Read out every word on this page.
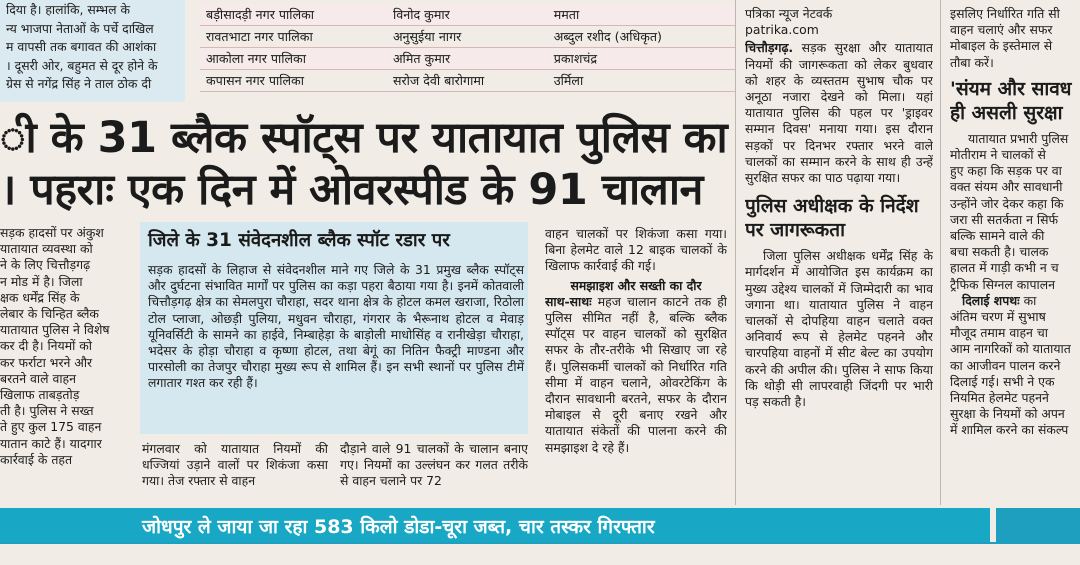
दिया है। हालांकि, सम्भल के

न्य भाजपा नेताओं के पर्चे दाखिल

म वापसी तक बगावत की आशंका

। दूसरी ओर, बहुमत से दूर होने के

ग्रेस से नगेंद्र सिंह ने ताल ठोक दी

बड़ीसादड़ी नगर पालिका	विनोद कुमार	ममता
रावतभाटा नगर पालिका	अनुसुईया नागर	अब्दुल रशीद (अधिकृत)
आकोला नगर पालिका	अमित कुमार	प्रकाशचंद्र
कपासन नगर पालिका	सरोज देवी बारोगामा	उर्मिला
ी के 31 ब्लैक स्पॉट्स पर यातायात पुलिस का
। पहराः एक दिन में ओवरस्पीड के 91 चालान

सड़क हादसों पर अंकुश

यातायात व्यवस्था को

ने के लिए चित्तौड़गढ़

न मोड में है। जिला

क्षक धर्मेंद्र सिंह के

लेबार के चिन्हित ब्लैक

यातायात पुलिस ने विशेष

कर दी है। नियमों को

कर फर्राटा भरने और

बरतने वाले वाहन

खिलाफ ताबड़तोड़

ती है। पुलिस ने सख्त

ते हुए कुल 175 वाहन

यातान काटे हैं। यादगार

कार्रवाई के तहत

जिले के 31 संवेदनशील ब्लैक स्पॉट रडार पर
सड़क हादसों के लिहाज से संवेदनशील माने गए जिले के 31 प्रमुख ब्लैक स्पॉट्स और दुर्घटना संभावित मार्गों पर पुलिस का कड़ा पहरा बैठाया गया है। इनमें कोतवाली चित्तौड़गढ़ क्षेत्र का सेमलपुरा चौराहा, सदर थाना क्षेत्र के होटल कमल खराजा, रिठोला टोल प्लाजा, ओछड़ी पुलिया, मधुवन चौराहा, गंगरार के भैरूनाथ होटल व मेवाड़ यूनिवर्सिटी के सामने का हाईवे, निम्बाहेड़ा के बाड़ोली माधोसिंह व रानीखेड़ा चौराहा, भदेसर के होड़ा चौराहा व कृष्णा होटल, तथा बेगूं का नितिन फैक्ट्री माण्डना और पारसोली का तेजपुर चौराहा मुख्य रूप से शामिल हैं। इन सभी स्थानों पर पुलिस टीमें लगातार गश्त कर रही हैं।
मंगलवार को यातायात नियमों की धज्जियां उड़ाने वालों पर शिकंजा कसा गया। तेज रफ्तार से वाहन
दौड़ाने वाले 91 चालकों के चालान बनाए गए। नियमों का उल्लंघन कर गलत तरीके से वाहन चलाने पर 72

वाहन चालकों पर शिकंजा कसा गया। बिना हेलमेट वाले 12 बाइक चालकों के खिलाफ कार्रवाई की गई।

समझाइश और सख्ती का दौर

साथ-साथः महज चालान काटने तक ही पुलिस सीमित नहीं है, बल्कि ब्लैक स्पॉट्स पर वाहन चालकों को सुरक्षित सफर के तौर-तरीके भी सिखाए जा रहे हैं। पुलिसकर्मी चालकों को निर्धारित गति सीमा में वाहन चलाने, ओवरटेकिंग के दौरान सावधानी बरतने, सफर के दौरान मोबाइल से दूरी बनाए रखने और यातायात संकेतों की पालना करने की समझाइश दे रहे हैं।

पत्रिका न्यूज नेटवर्क

patrika.com

चित्तौड़गढ़. सड़क सुरक्षा और यातायात नियमों की जागरूकता को लेकर बुधवार को शहर के व्यस्ततम सुभाष चौक पर अनूठा नजारा देखने को मिला। यहां यातायात पुलिस की पहल पर 'ड्राइवर सम्मान दिवस' मनाया गया। इस दौरान सड़कों पर दिनभर रफ्तार भरने वाले चालकों का सम्मान करने के साथ ही उन्हें सुरक्षित सफर का पाठ पढ़ाया गया।

पुलिस अधीक्षक के निर्देश पर जागरूकता

जिला पुलिस अधीक्षक धर्मेंद्र सिंह के मार्गदर्शन में आयोजित इस कार्यक्रम का मुख्य उद्देश्य चालकों में जिम्मेदारी का भाव जगाना था। यातायात पुलिस ने वाहन चालकों से दोपहिया वाहन चलाते वक्त अनिवार्य रूप से हेलमेट पहनने और चारपहिया वाहनों में सीट बेल्ट का उपयोग करने की अपील की। पुलिस ने साफ किया कि थोड़ी सी लापरवाही जिंदगी पर भारी पड़ सकती है।

इसलिए निर्धारित गति सी

वाहन चलाएं और सफर

मोबाइल के इस्तेमाल से

तौबा करें।

'संयम और सावध

ही असली सुरक्षा

यातायात प्रभारी पुलिस

मोतीराम ने चालकों से

हुए कहा कि सड़क पर वा

वक्त संयम और सावधानी

उन्होंने जोर देकर कहा कि

जरा सी सतर्कता न सिर्फ

बल्कि सामने वाले की

बचा सकती है। चालक

हालत में गाड़ी कभी न च

ट्रैफिक सिग्नल कापालन

दिलाई शपथः का

अंतिम चरण में सुभाष

मौजूद तमाम वाहन चा

आम नागरिकों को यातायात

का आजीवन पालन करने

दिलाई गई। सभी ने एक

नियमित हेलमेट पहनने

सुरक्षा के नियमों को अपन

में शामिल करने का संकल्प

जोधपुर ले जाया जा रहा 583 किलो डोडा-चूरा जब्त, चार तस्कर गिरफ्तार
